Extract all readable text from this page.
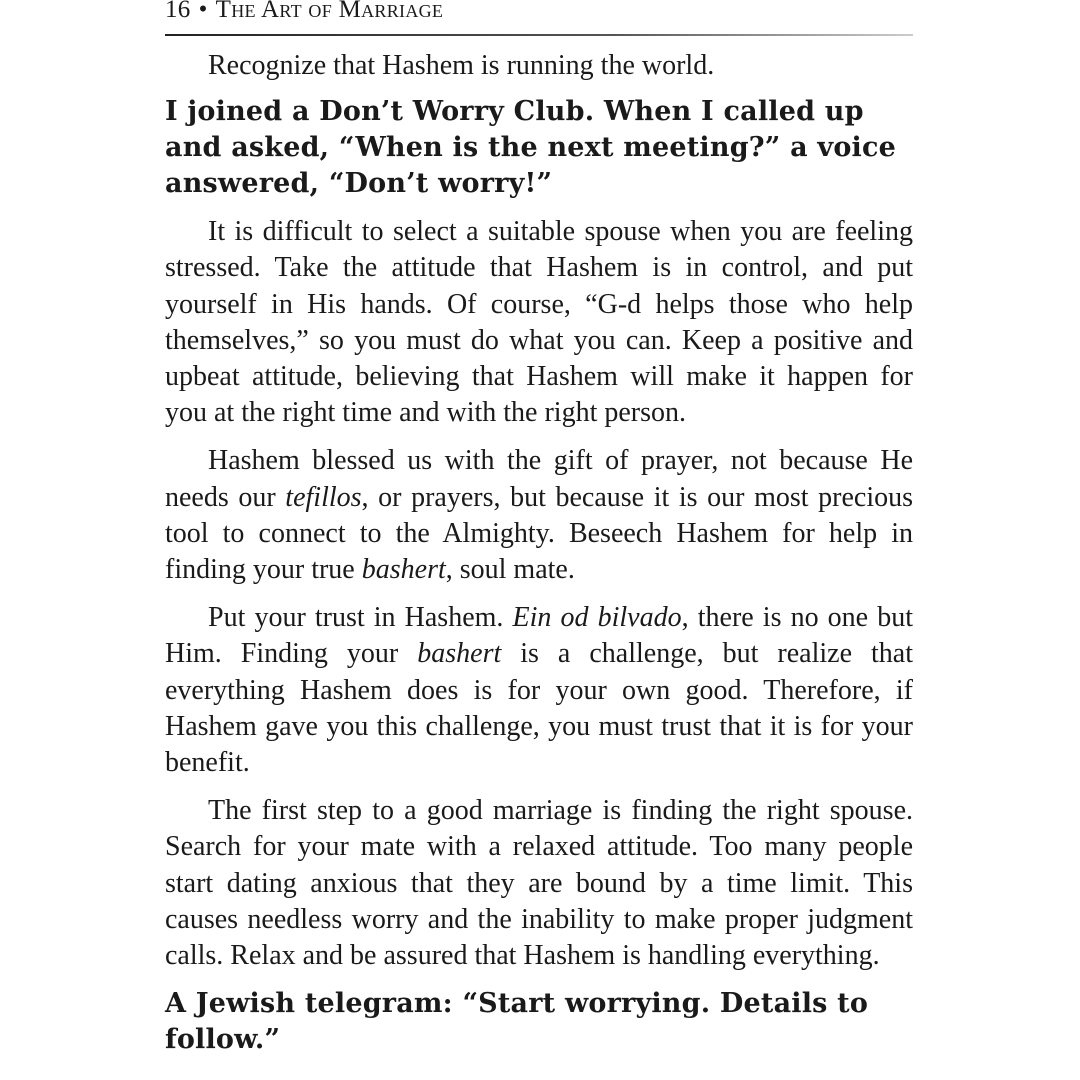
16 • The Art of Marriage

Recognize that Hashem is running the world.

I joined a Don’t Worry Club. When I called up and asked, “When is the next meeting?” a voice answered, “Don’t worry!”

It is difficult to select a suitable spouse when you are feeling stressed. Take the attitude that Hashem is in control, and put yourself in His hands. Of course, “G-d helps those who help themselves,” so you must do what you can. Keep a positive and upbeat attitude, believing that Hashem will make it happen for you at the right time and with the right person.

Hashem blessed us with the gift of prayer, not because He needs our tefillos, or prayers, but because it is our most precious tool to connect to the Almighty. Beseech Hashem for help in finding your true bashert, soul mate.

Put your trust in Hashem. Ein od bilvado, there is no one but Him. Finding your bashert is a challenge, but realize that everything Hashem does is for your own good. Therefore, if Hashem gave you this challenge, you must trust that it is for your benefit.

The first step to a good marriage is finding the right spouse. Search for your mate with a relaxed attitude. Too many people start dating anxious that they are bound by a time limit. This causes needless worry and the inability to make proper judgment calls. Relax and be assured that Hashem is handling everything.

A Jewish telegram: “Start worrying. Details to follow.”
